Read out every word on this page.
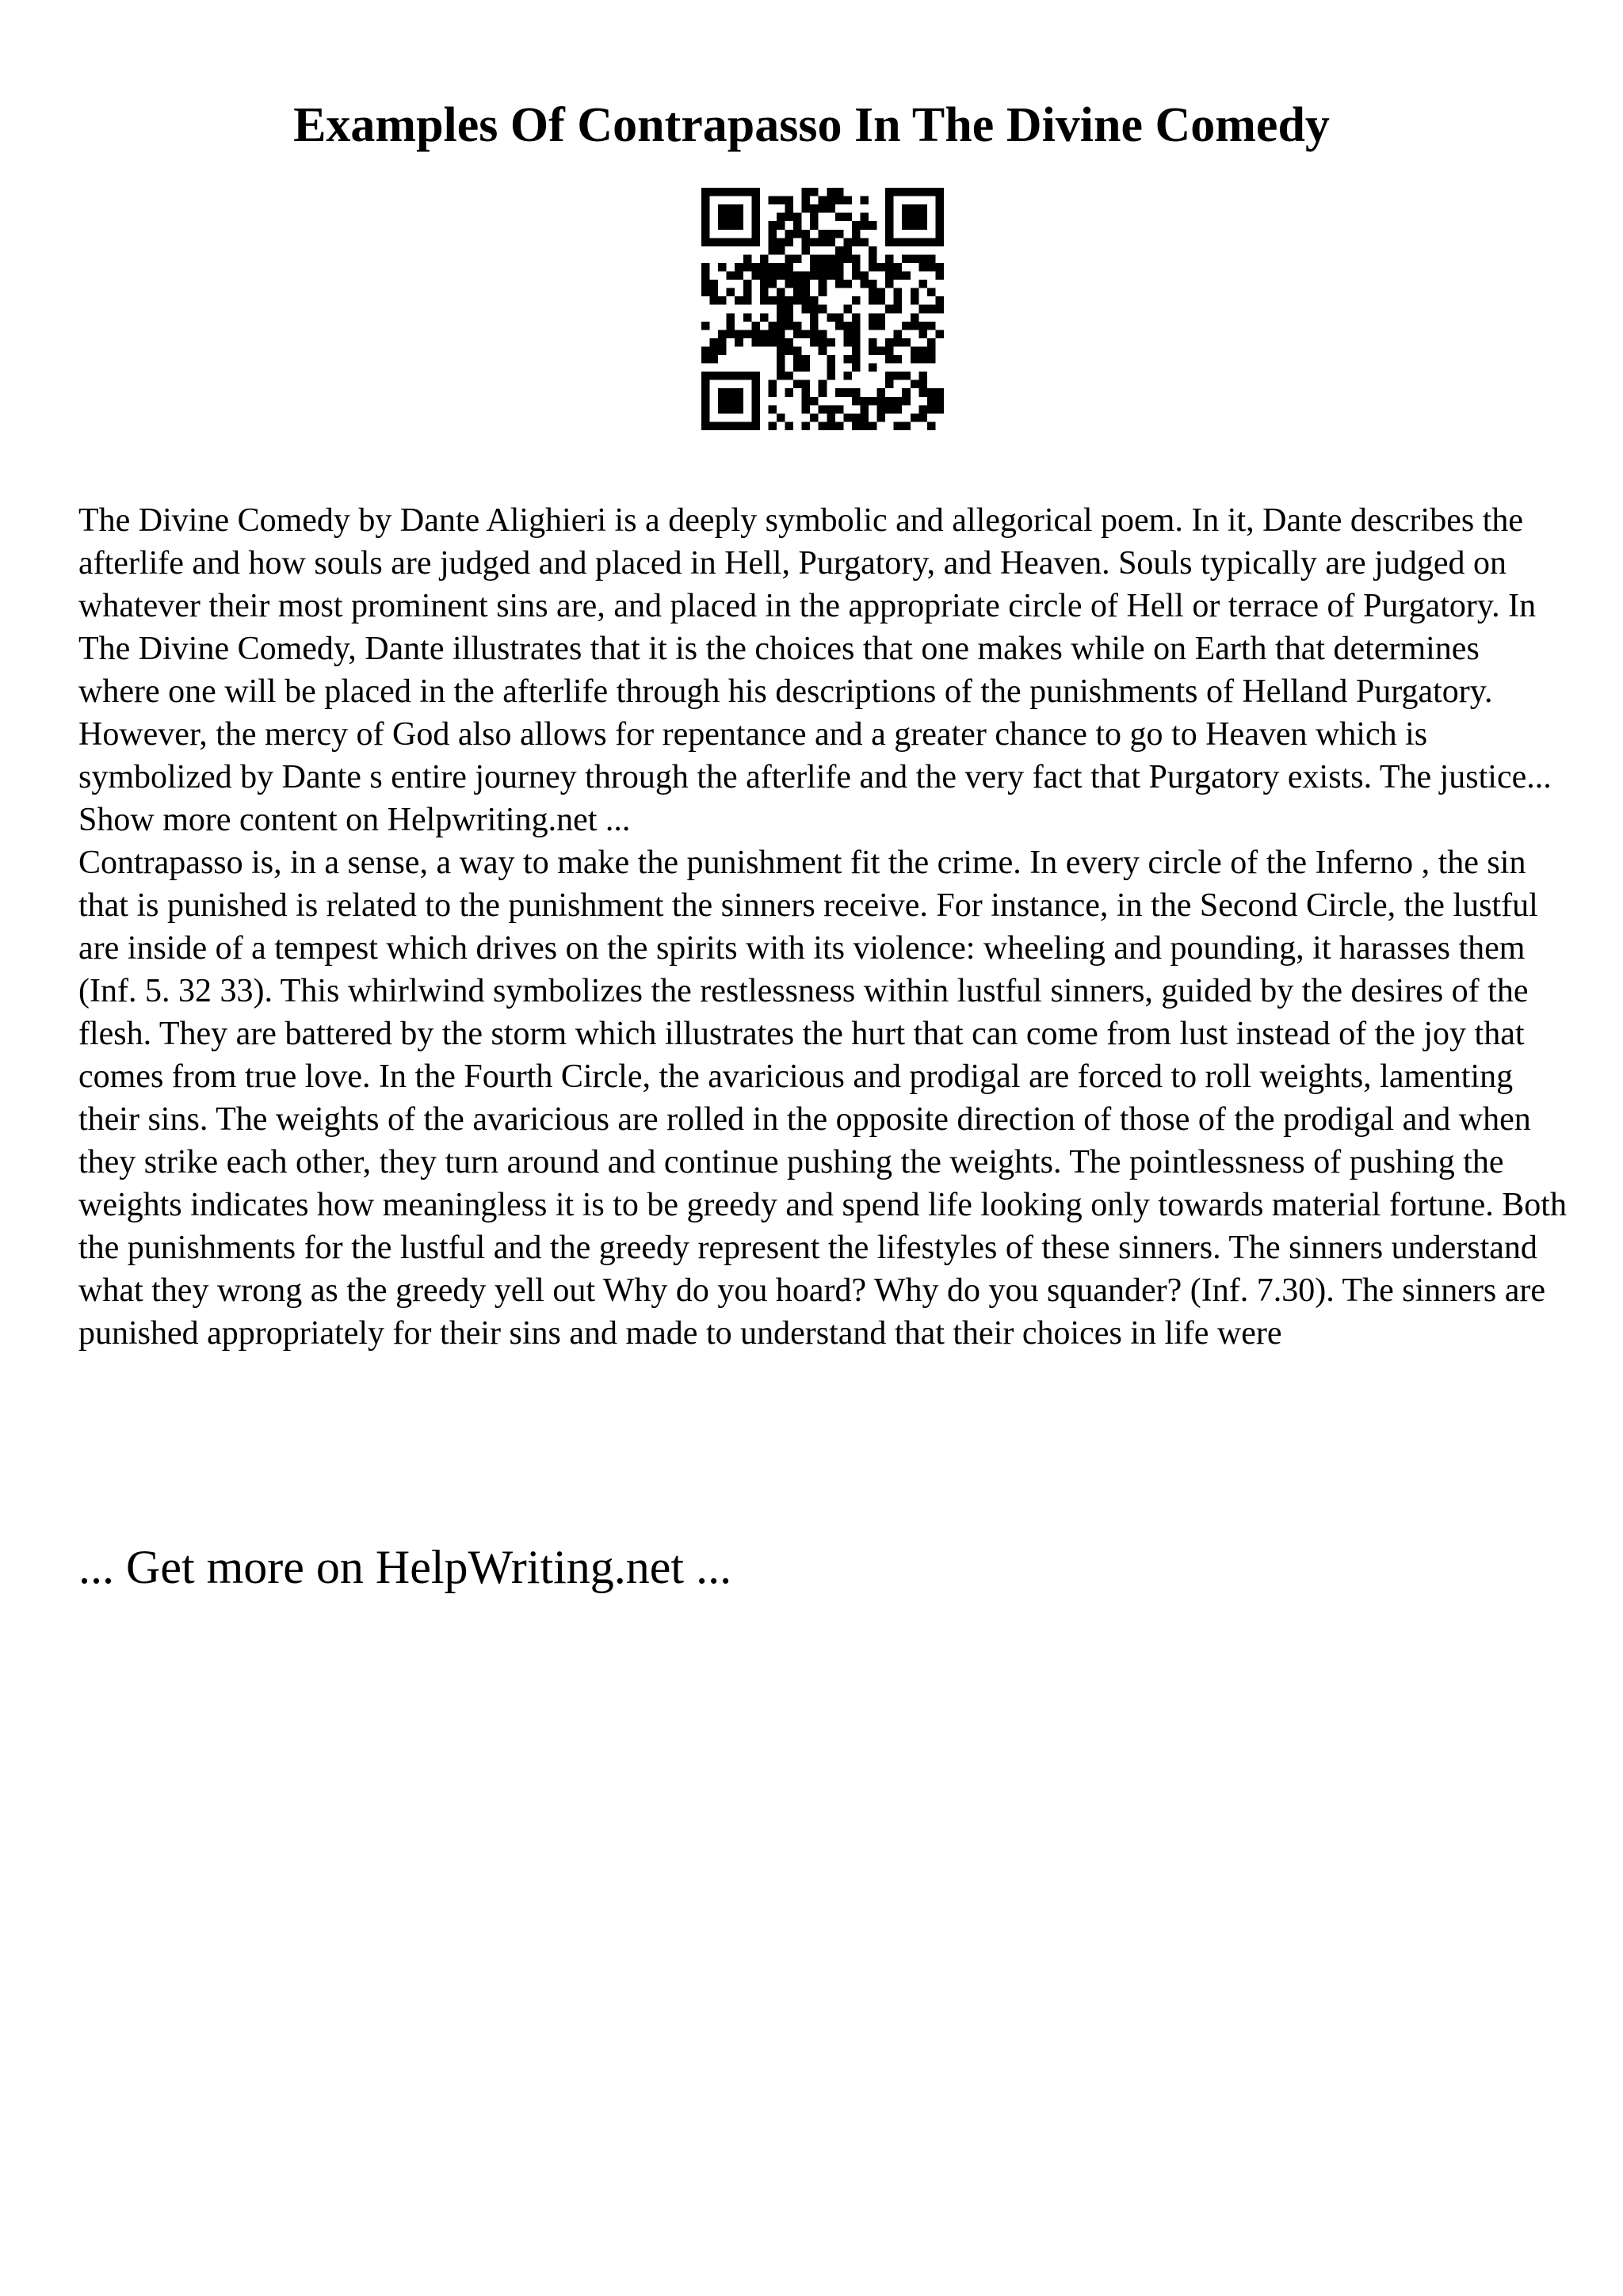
Examples Of Contrapasso In The Divine Comedy

The Divine Comedy by Dante Alighieri is a deeply symbolic and allegorical poem. In it, Dante describes the afterlife and how souls are judged and placed in Hell, Purgatory, and Heaven. Souls typically are judged on whatever their most prominent sins are, and placed in the appropriate circle of Hell or terrace of Purgatory. In The Divine Comedy, Dante illustrates that it is the choices that one makes while on Earth that determines where one will be placed in the afterlife through his descriptions of the punishments of Helland Purgatory. However, the mercy of God also allows for repentance and a greater chance to go to Heaven which is symbolized by Dante s entire journey through the afterlife and the very fact that Purgatory exists. The justice... Show more content on Helpwriting.net ...

Contrapasso is, in a sense, a way to make the punishment fit the crime. In every circle of the Inferno , the sin that is punished is related to the punishment the sinners receive. For instance, in the Second Circle, the lustful are inside of a tempest which drives on the spirits with its violence: wheeling and pounding, it harasses them (Inf. 5. 32 33). This whirlwind symbolizes the restlessness within lustful sinners, guided by the desires of the flesh. They are battered by the storm which illustrates the hurt that can come from lust instead of the joy that comes from true love. In the Fourth Circle, the avaricious and prodigal are forced to roll weights, lamenting their sins. The weights of the avaricious are rolled in the opposite direction of those of the prodigal and when they strike each other, they turn around and continue pushing the weights. The pointlessness of pushing the weights indicates how meaningless it is to be greedy and spend life looking only towards material fortune. Both the punishments for the lustful and the greedy represent the lifestyles of these sinners. The sinners understand what they wrong as the greedy yell out Why do you hoard? Why do you squander? (Inf. 7.30). The sinners are punished appropriately for their sins and made to understand that their choices in life were

... Get more on HelpWriting.net ...
